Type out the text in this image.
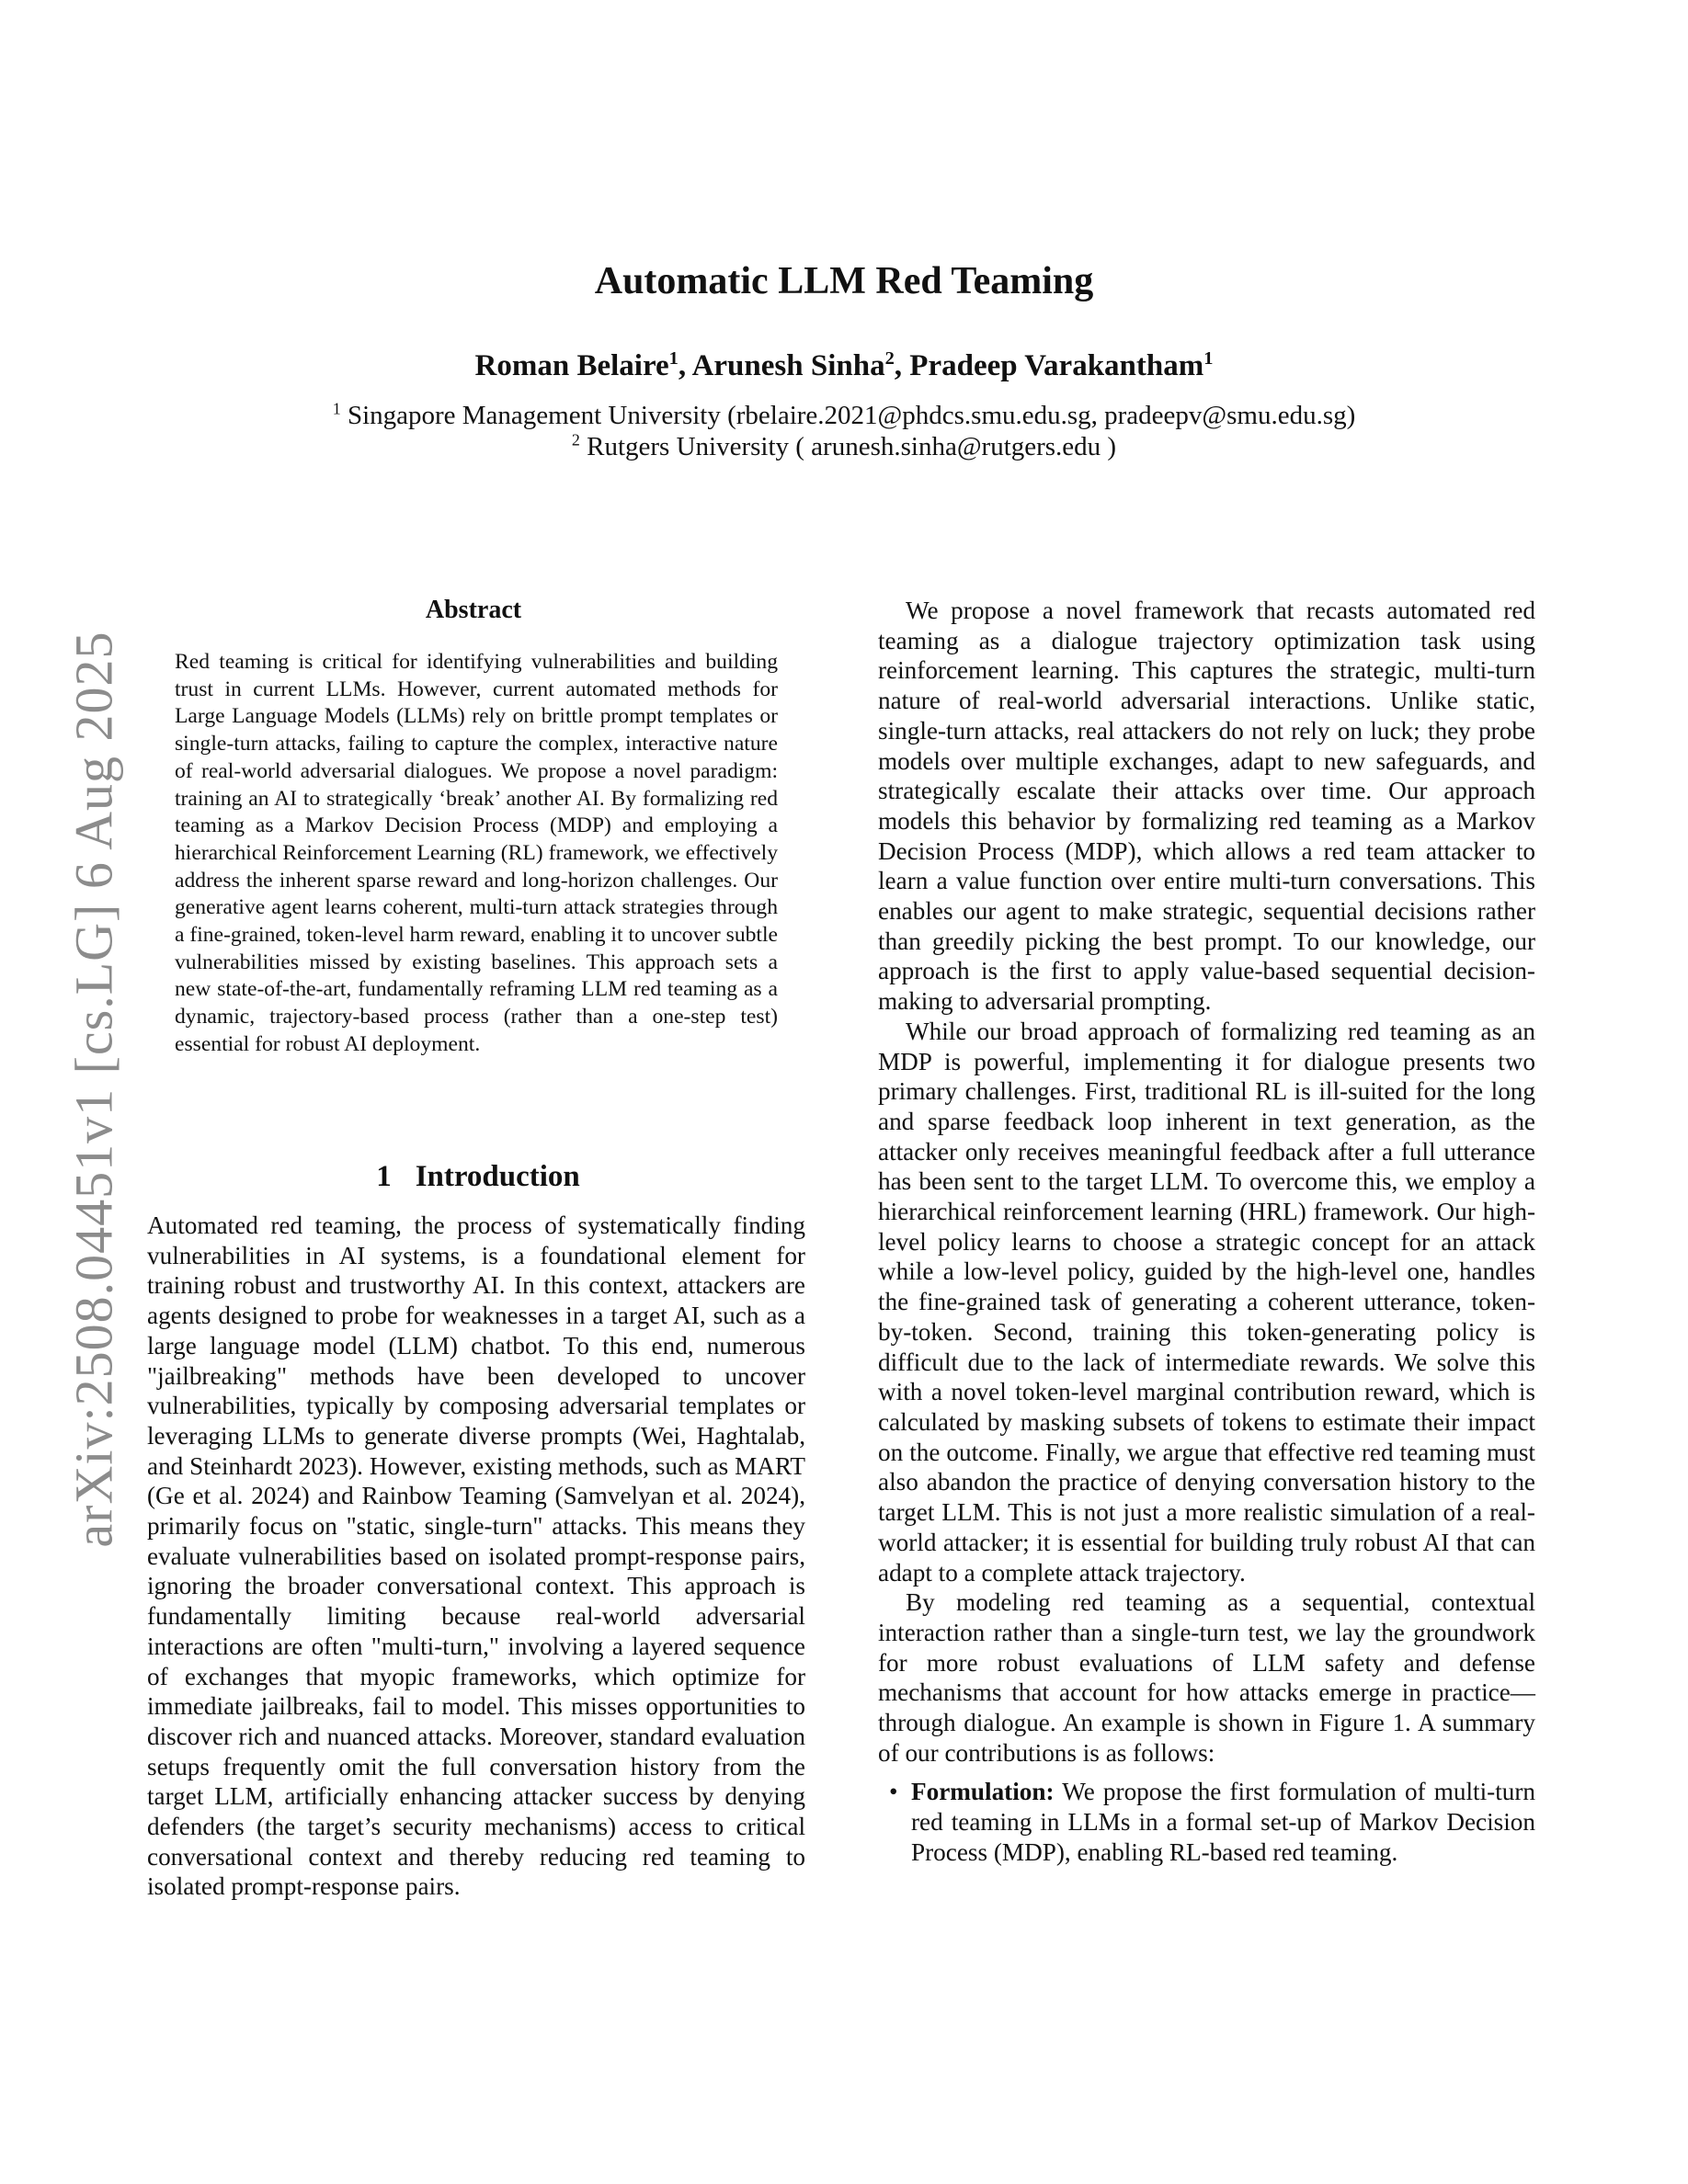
arXiv:2508.04451v1 [cs.LG] 6 Aug 2025
Automatic LLM Red Teaming
Roman Belaire$^1$, Arunesh Sinha$^2$, Pradeep Varakantham$^1$
$^1$ Singapore Management University (rbelaire.2021@phdcs.smu.edu.sg, pradeepv@smu.edu.sg)
$^2$ Rutgers University ( arunesh.sinha@rutgers.edu )
Abstract

Red teaming is critical for identifying vulnerabilities and building trust in current LLMs. However, current automated methods for Large Language Models (LLMs) rely on brittle prompt templates or single-turn attacks, failing to capture the complex, interactive nature of real-world adversarial dialogues. We propose a novel paradigm: training an AI to strategically ‘break’ another AI. By formalizing red teaming as a Markov Decision Process (MDP) and employing a hierarchical Reinforcement Learning (RL) framework, we effectively address the inherent sparse reward and long-horizon challenges. Our generative agent learns coherent, multi-turn attack strategies through a fine-grained, token-level harm reward, enabling it to uncover subtle vulnerabilities missed by existing baselines. This approach sets a new state-of-the-art, fundamentally reframing LLM red teaming as a dynamic, trajectory-based process (rather than a one-step test) essential for robust AI deployment.

1 Introduction

Automated red teaming, the process of systematically finding vulnerabilities in AI systems, is a foundational element for training robust and trustworthy AI. In this context, attackers are agents designed to probe for weaknesses in a target AI, such as a large language model (LLM) chatbot. To this end, numerous "jailbreaking" methods have been developed to uncover vulnerabilities, typically by composing adversarial templates or leveraging LLMs to generate diverse prompts (Wei, Haghtalab, and Steinhardt 2023). However, existing methods, such as MART (Ge et al. 2024) and Rainbow Teaming (Samvelyan et al. 2024), primarily focus on "static, single-turn" attacks. This means they evaluate vulnerabilities based on isolated prompt-response pairs, ignoring the broader conversational context. This approach is fundamentally limiting because real-world adversarial interactions are often "multi-turn," involving a layered sequence of exchanges that myopic frameworks, which optimize for immediate jailbreaks, fail to model. This misses opportunities to discover rich and nuanced attacks. Moreover, standard evaluation setups frequently omit the full conversation history from the target LLM, artificially enhancing attacker success by denying defenders (the target’s security mechanisms) access to critical conversational context and thereby reducing red teaming to isolated prompt-response pairs.

We propose a novel framework that recasts automated red teaming as a dialogue trajectory optimization task using reinforcement learning. This captures the strategic, multi-turn nature of real-world adversarial interactions. Unlike static, single-turn attacks, real attackers do not rely on luck; they probe models over multiple exchanges, adapt to new safeguards, and strategically escalate their attacks over time. Our approach models this behavior by formalizing red teaming as a Markov Decision Process (MDP), which allows a red team attacker to learn a value function over entire multi-turn conversations. This enables our agent to make strategic, sequential decisions rather than greedily picking the best prompt. To our knowledge, our approach is the first to apply value-based sequential decision-making to adversarial prompting.

While our broad approach of formalizing red teaming as an MDP is powerful, implementing it for dialogue presents two primary challenges. First, traditional RL is ill-suited for the long and sparse feedback loop inherent in text generation, as the attacker only receives meaningful feedback after a full utterance has been sent to the target LLM. To overcome this, we employ a hierarchical reinforcement learning (HRL) framework. Our high-level policy learns to choose a strategic concept for an attack while a low-level policy, guided by the high-level one, handles the fine-grained task of generating a coherent utterance, token-by-token. Second, training this token-generating policy is difficult due to the lack of intermediate rewards. We solve this with a novel token-level marginal contribution reward, which is calculated by masking subsets of tokens to estimate their impact on the outcome. Finally, we argue that effective red teaming must also abandon the practice of denying conversation history to the target LLM. This is not just a more realistic simulation of a real-world attacker; it is essential for building truly robust AI that can adapt to a complete attack trajectory.

By modeling red teaming as a sequential, contextual interaction rather than a single-turn test, we lay the groundwork for more robust evaluations of LLM safety and defense mechanisms that account for how attacks emerge in practice—through dialogue. An example is shown in Figure 1. A summary of our contributions is as follows:

• Formulation: We propose the first formulation of multi-turn red teaming in LLMs in a formal set-up of Markov Decision Process (MDP), enabling RL-based red teaming.
